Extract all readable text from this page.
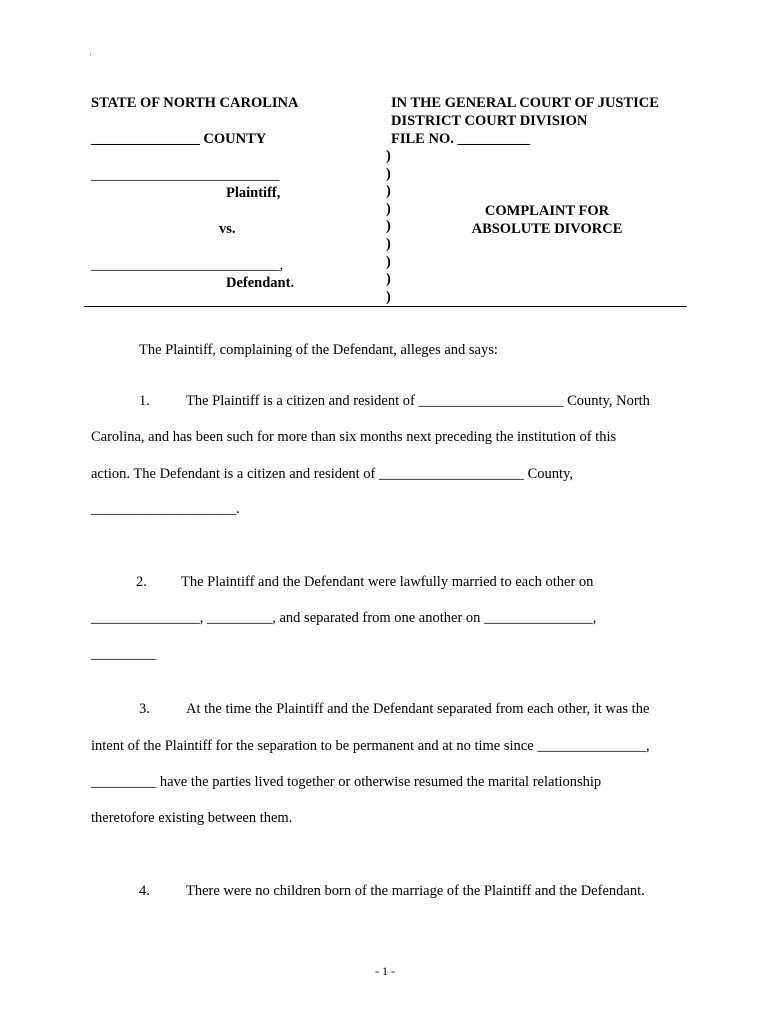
'
STATE OF NORTH CAROLINA
_______________ COUNTY
__________________________
Plaintiff,
vs.
__________________________,
Defendant.
IN THE GENERAL COURT OF JUSTICE
DISTRICT COURT DIVISION
FILE NO. __________
)
)
)
)
)
)
)
)
)
COMPLAINT FOR
ABSOLUTE DIVORCE
The Plaintiff, complaining of the Defendant, alleges and says:
1. The Plaintiff is a citizen and resident of ____________________ County, North
Carolina, and has been such for more than six months next preceding the institution of this
action. The Defendant is a citizen and resident of ____________________ County,
____________________.
2. The Plaintiff and the Defendant were lawfully married to each other on
_______________, _________, and separated from one another on _______________,
_________
3. At the time the Plaintiff and the Defendant separated from each other, it was the
intent of the Plaintiff for the separation to be permanent and at no time since _______________,
_________ have the parties lived together or otherwise resumed the marital relationship
theretofore existing between them.
4. There were no children born of the marriage of the Plaintiff and the Defendant.
- 1 -
